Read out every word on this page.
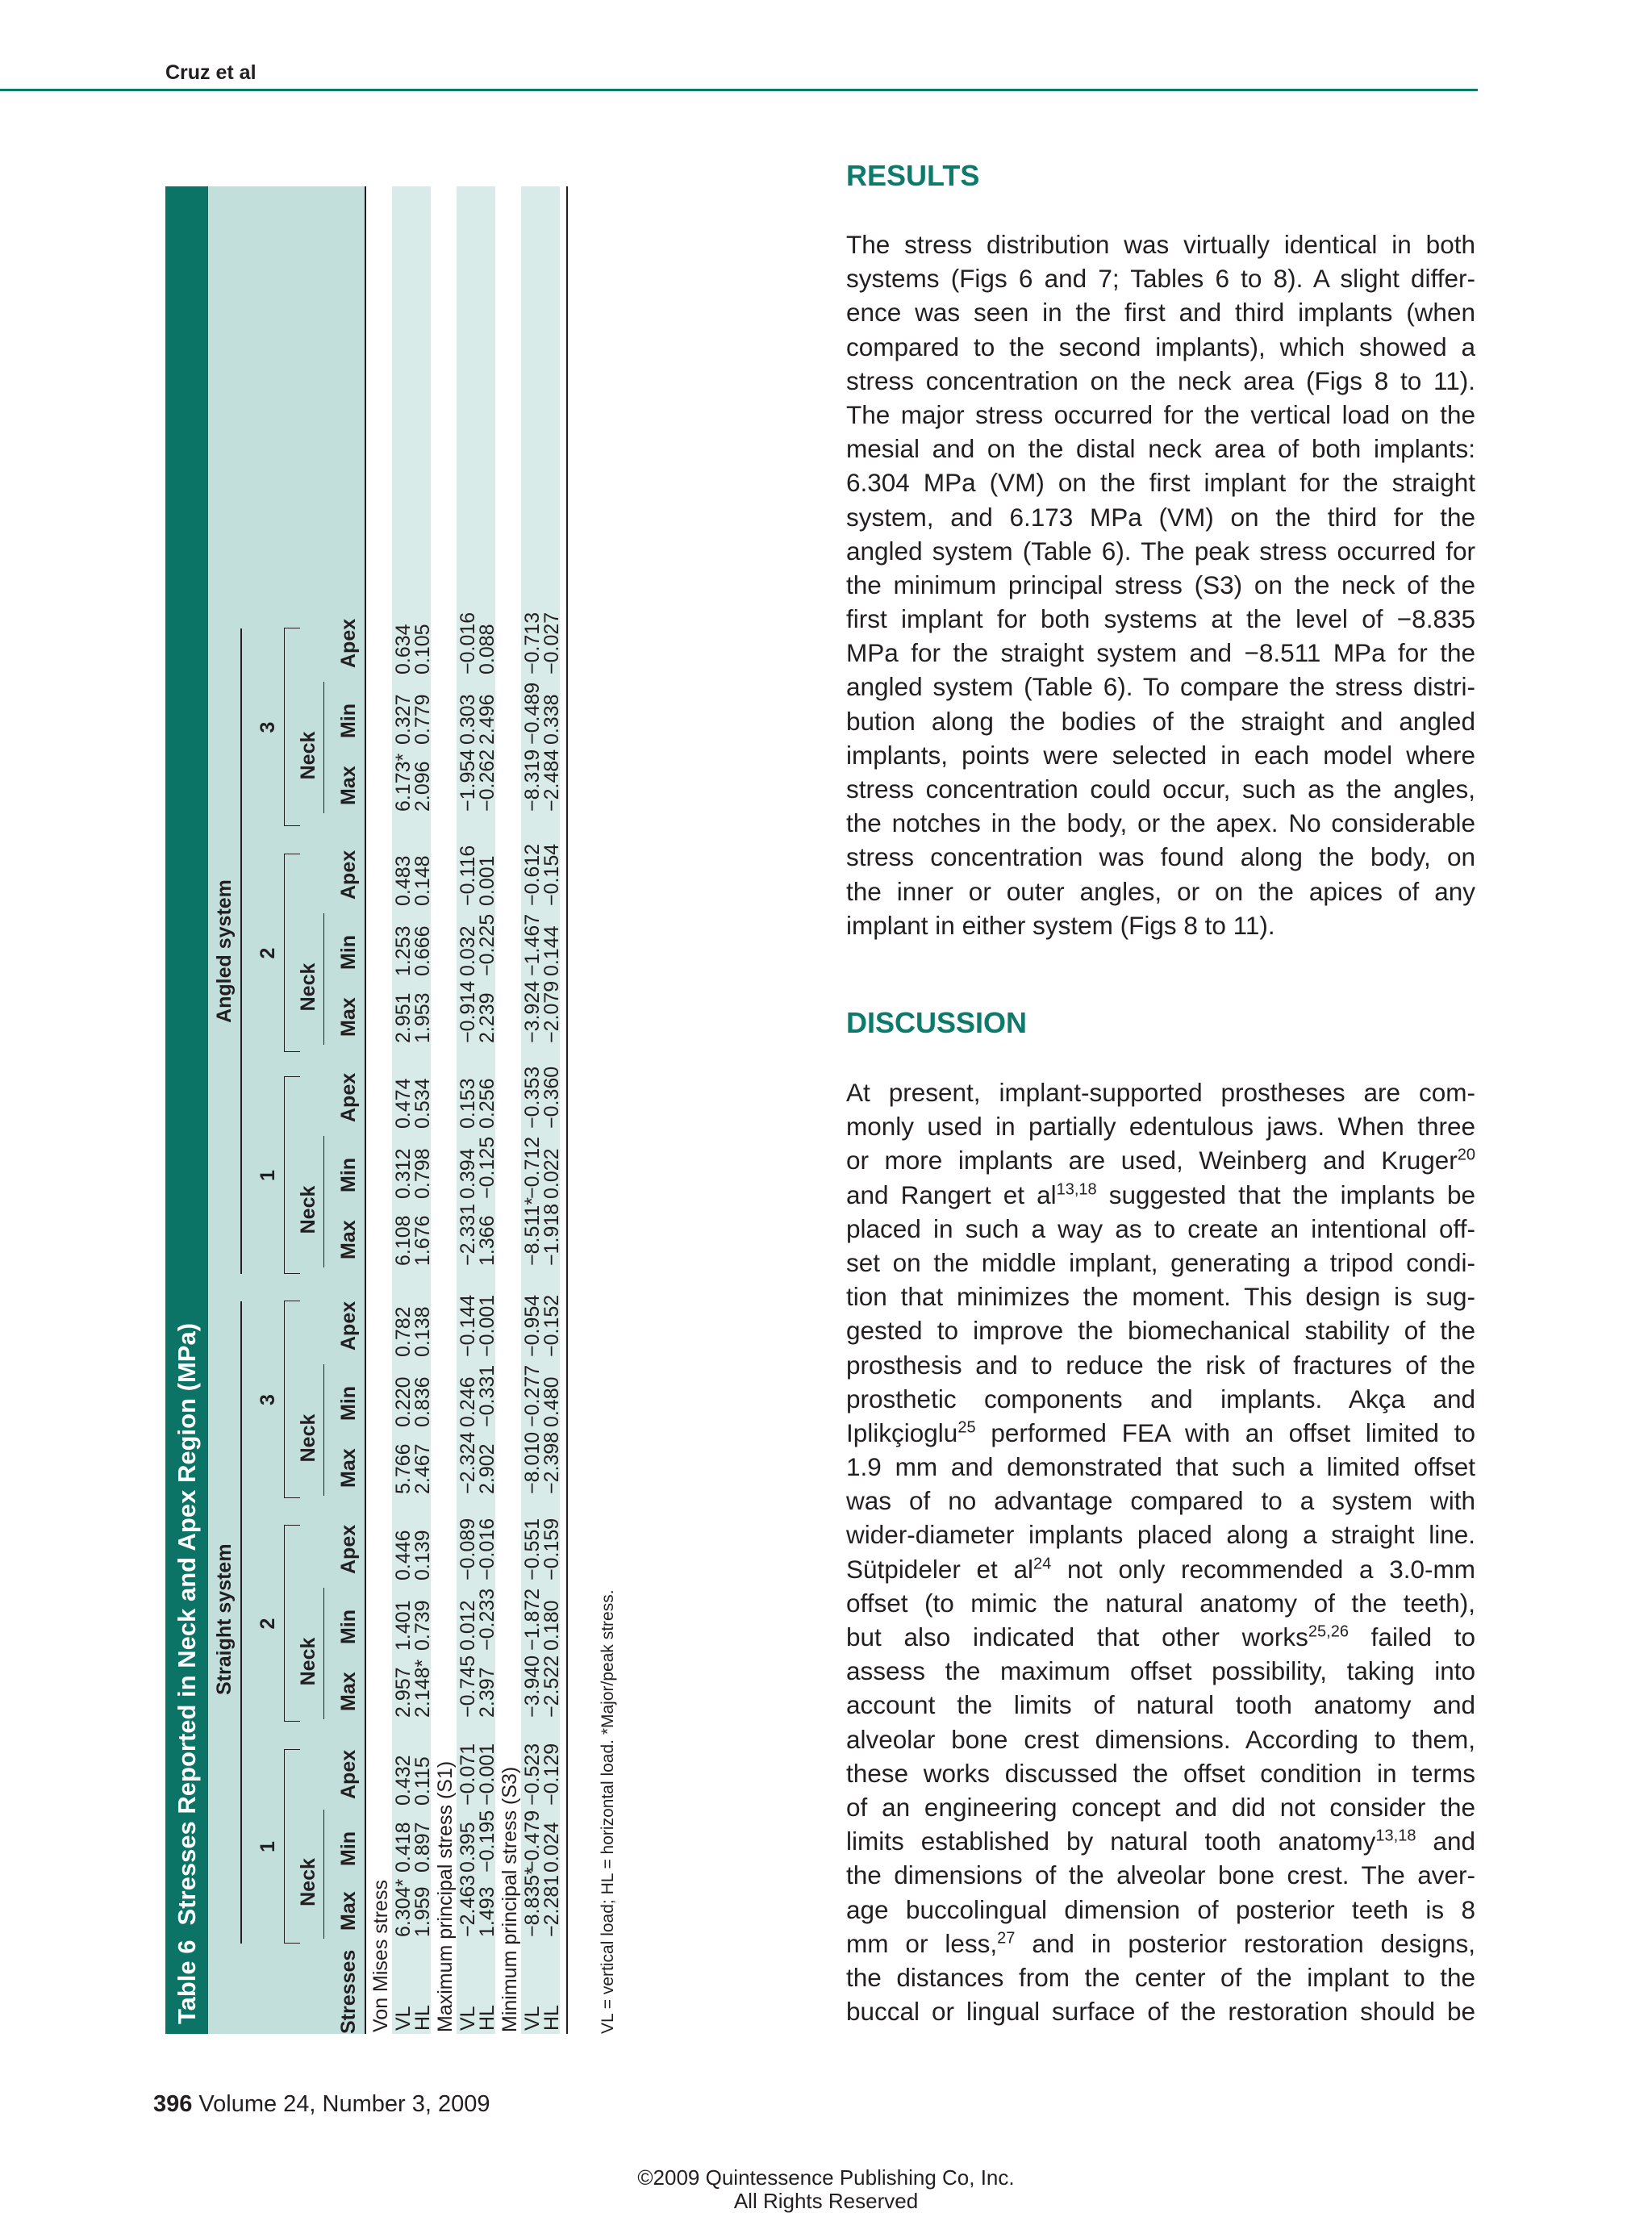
Cruz et al
Table 6Stresses Reported in Neck and Apex Region (MPa) Straight system
Angled system
1
Neck
2
Neck
3
Neck
1
Neck
2
Neck
3
Neck
Stresses
Max
Min
Apex
Max
Min
Apex
Max
Min
Apex
Max
Min
Apex
Max
Min
Apex
Max
Min
Apex
Von Mises stress VL
6.304*
0.418
0.432
2.957
1.401
0.446
5.766
0.220
0.782
6.108
0.312
0.474
2.951
1.253
0.483
6.173*
0.327
0.634
HL
1.959
0.897
0.115
2.148*
0.739
0.139
2.467
0.836
0.138
1.676
0.798
0.534
1.953
0.666
0.148
2.096
0.779
0.105
Maximum principal stress (S1) VL
−2.463
0.395
−0.071
−0.745
0.012
−0.089
−2.324
0.246
−0.144
−2.331
0.394
0.153
−0.914
0.032
−0.116
−1.954
0.303
−0.016
HL
1.493
−0.195
−0.001
2.397
−0.233
−0.016
2.902
−0.331
−0.001
1.366
−0.125
0.256
2.239
−0.225
0.001
−0.262
2.496
0.088
Minimum principal stress (S3) VL
−8.835*
−0.479
−0.523
−3.940
−1.872
−0.551
−8.010
−0.277
−0.954
−8.511*
−0.712
−0.353
−3.924
−1.467
−0.612
−8.319
−0.489
−0.713
HL
−2.281
0.024
−0.129
−2.522
0.180
−0.159
−2.398
0.480
−0.152
−1.918
0.022
−0.360
−2.079
0.144
−0.154
−2.484
0.338
−0.027
VL = vertical load; HL = horizontal load. *Major/peak stress.
RESULTS
The stress distribution was virtually identical in both
systems (Figs 6 and 7; Tables 6 to 8). A slight differ-
ence was seen in the first and third implants (when
compared to the second implants), which showed a
stress concentration on the neck area (Figs 8 to 11).
The major stress occurred for the vertical load on the
mesial and on the distal neck area of both implants:
6.304 MPa (VM) on the first implant for the straight
system, and 6.173 MPa (VM) on the third for the
angled system (Table 6). The peak stress occurred for
the minimum principal stress (S3) on the neck of the
first implant for both systems at the level of −8.835
MPa for the straight system and −8.511 MPa for the
angled system (Table 6). To compare the stress distri-
bution along the bodies of the straight and angled
implants, points were selected in each model where
stress concentration could occur, such as the angles,
the notches in the body, or the apex. No considerable
stress concentration was found along the body, on
the inner or outer angles, or on the apices of any
implant in either system (Figs 8 to 11).
DISCUSSION
At present, implant-supported prostheses are com-
monly used in partially edentulous jaws. When three
or more implants are used, Weinberg and Kruger$^{20}$
and Rangert et al$^{13,18}$ suggested that the implants be
placed in such a way as to create an intentional off-
set on the middle implant, generating a tripod condi-
tion that minimizes the moment. This design is sug-
gested to improve the biomechanical stability of the
prosthesis and to reduce the risk of fractures of the
prosthetic components and implants. Akça and
Iplikçioglu$^{25}$ performed FEA with an offset limited to
1.9 mm and demonstrated that such a limited offset
was of no advantage compared to a system with
wider-diameter implants placed along a straight line.
Sütpideler et $al^{24}$ not only recommended a 3.0-mm
offset (to mimic the natural anatomy of the teeth),
but also indicated that other works$^{25,26}$ failed to
assess the maximum offset possibility, taking into
account the limits of natural tooth anatomy and
alveolar bone crest dimensions. According to them,
these works discussed the offset condition in terms
of an engineering concept and did not consider the
limits established by natural tooth anatomy$^{13,18}$ and
the dimensions of the alveolar bone crest. The aver-
age buccolingual dimension of posterior teeth is 8
mm or less,$^{27}$ and in posterior restoration designs,
the distances from the center of the implant to the
buccal or lingual surface of the restoration should be
396 Volume 24, Number 3, 2009
©2009 Quintessence Publishing Co, Inc.
All Rights Reserved
